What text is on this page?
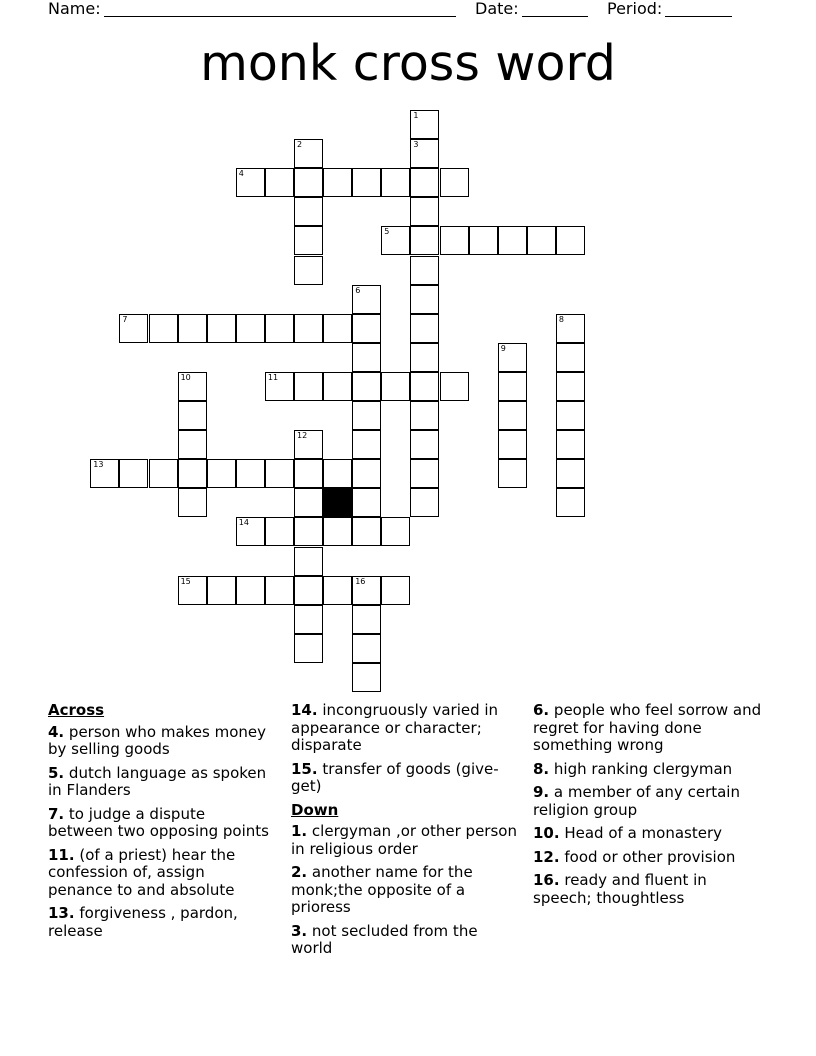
Name:	Date:	Period:
monk cross word
1
3
2
4
5
6
7	8
9
10	11
12
13
14
15	16
Across
4. person who makes money by selling goods
5. dutch language as spoken in Flanders
7. to judge a dispute between two opposing points
11. (of a priest) hear the confession of, assign penance to and absolute
13. forgiveness , pardon, release
14. incongruously varied in appearance or character; disparate
15. transfer of goods (give-get)
Down
1. clergyman ,or other person in religious order
2. another name for the monk;the opposite of a prioress
3. not secluded from the world
6. people who feel sorrow and regret for having done something wrong
8. high ranking clergyman
9. a member of any certain religion group
10. Head of a monastery
12. food or other provision
16. ready and fluent in speech; thoughtless
